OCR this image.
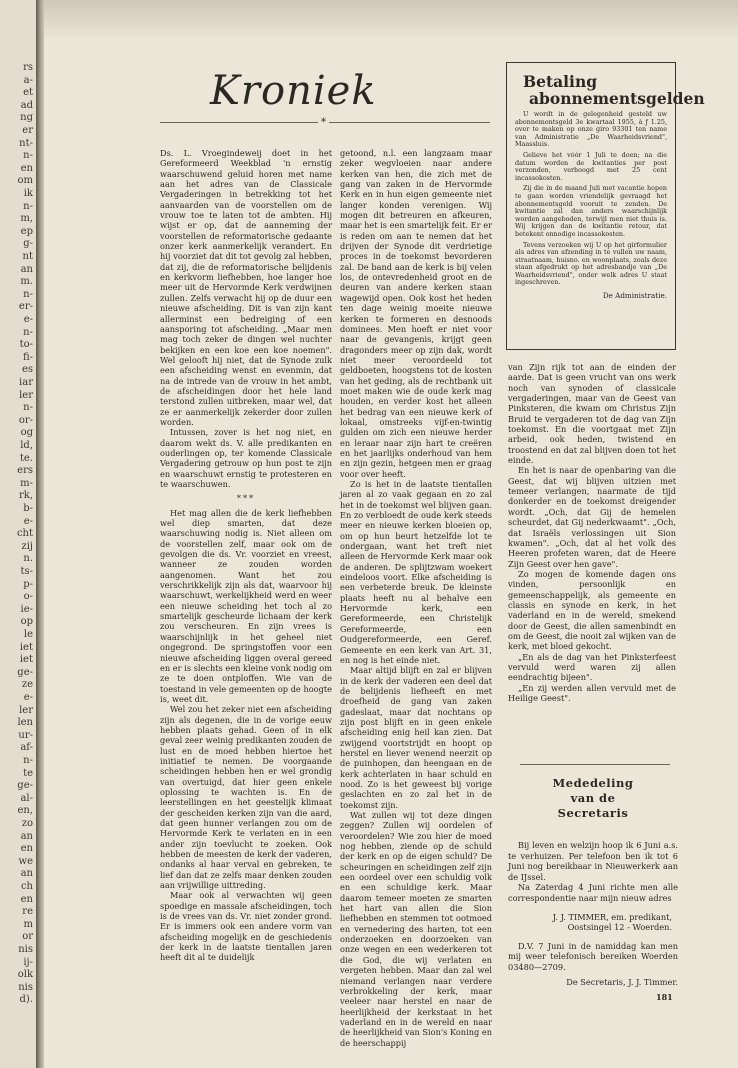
rs
a-
et
ad
ng
er
nt-
n-
en
om
ik
n-
m,
ep
g-
nt
an
m.
n-
er-
e-
n-
to-
fi-
es
iar
ler
n-
or-
og
ld,
te.
ers
m-
rk,
b-
e-
cht
zij
n.
ts-
p-
o-
ie-
op
le
iet
iet
ge-
ze
e-
ler
len
ur-
af-
n-
te
ge-
al-
en,
zo
an
en
we
an
ch
en
re
m
or
nis
ij-
olk
nis
d).
Kroniek
*

Ds. L. Vroegindeweij doet in het Gereformeerd Weekblad 'n ernstig waarschuwend geluid horen met name aan het adres van de Classicale Vergaderingen in betrekking tot het aanvaarden van de voorstellen om de vrouw toe te laten tot de ambten. Hij wijst er op, dat de aanneming der voorstellen de reformatorische gedaante onzer kerk aanmerkelijk verandert. En hij voorziet dat dit tot gevolg zal hebben, dat zij, die de reformatorische belijdenis en kerkvorm liefhebben, hoe langer hoe meer uit de Hervormde Kerk verdwijnen zullen. Zelfs verwacht hij op de duur een nieuwe afscheiding. Dit is van zijn kant allerminst een bedreiging of een aansporing tot afscheiding. „Maar men mag toch zeker de dingen wel nuchter bekijken en een koe een koe noemen". Wel gelooft hij niet, dat de Synode zulk een afscheiding wenst en evenmin, dat na de intrede van de vrouw in het ambt, de afscheidingen door het hele land terstond zullen uitbreken, maar wel, dat ze er aanmerkelijk zekerder door zullen worden.

Intussen, zover is het nog niet, en daarom wekt ds. V. alle predikanten en ouderlingen op, ter komende Classicale Vergadering getrouw op hun post te zijn en waarschuwt ernstig te protesteren en te waarschuwen.

***

Het mag allen die de kerk liefhebben wel diep smarten, dat deze waarschuwing nodig is. Niet alleen om de voorstellen zelf, maar ook om de gevolgen die ds. Vr. voorziet en vreest, wanneer ze zouden worden aangenomen. Want het zou verschrikkelijk zijn als dat, waarvoor hij waarschuwt, werkelijkheid werd en weer een nieuwe scheiding het toch al zo smartelijk gescheurde lichaam der kerk zou verscheuren. En zijn vrees is waarschijnlijk in het geheel niet ongegrond. De springstoffen voor een nieuwe afscheiding liggen overal gereed en er is slechts een kleine vonk nodig om ze te doen ontploffen. Wie van de toestand in vele gemeenten op de hoogte is, weet dit.

Wel zou het zeker niet een afscheiding zijn als degenen, die in de vorige eeuw hebben plaats gehad. Geen of in elk geval zeer weinig predikanten zouden de lust en de moed hebben hiertoe het initiatief te nemen. De voorgaande scheidingen hebben hen er wel grondig van overtuigd, dat hier geen enkele oplossing te wachten is. En de leerstellingen en het geestelijk klimaat der gescheiden kerken zijn van die aard, dat geen hunner verlangen zou om de Hervormde Kerk te verlaten en in een ander zijn toevlucht te zoeken. Ook hebben de meesten de kerk der vaderen, ondanks al haar verval en gebreken, te lief dan dat ze zelfs maar denken zouden aan vrijwillige uittreding.

Maar ook al verwachten wij geen spoedige en massale afscheidingen, toch is de vrees van ds. Vr. niet zonder grond. Er is immers ook een andere vorm van afscheiding mogelijk en de geschiedenis der kerk in de laatste tientallen jaren heeft dit al te duidelijk

getoond, n.l. een langzaam maar zeker wegvloeien naar andere kerken van hen, die zich met de gang van zaken in de Hervormde Kerk en in hun eigen gemeente niet langer konden verenigen. Wij mogen dit betreuren en afkeuren, maar het is een smartelijk feit. Er er is reden om aan te nemen dat het drijven der Synode dit verdrietige proces in de toekomst bevorderen zal. De band aan de kerk is bij velen los, de ontevredenheid groot en de deuren van andere kerken staan wagewijd open. Ook kost het heden ten dage weinig moeite nieuwe kerken te formeren en desnoods dominees. Men hoeft er niet voor naar de gevangenis, krijgt geen dragonders meer op zijn dak, wordt niet meer veroordeeld tot geldboeten, hoogstens tot de kosten van het geding, als de rechtbank uit moet maken wie de oude kerk mag houden, en verder kost het alleen het bedrag van een nieuwe kerk of lokaal, omstreeks vijf-en-twintig gulden om zich een nieuwe herder en leraar naar zijn hart te creëren en het jaarlijks onderhoud van hem en zijn gezin, hetgeen men er graag voor over heeft.

Zo is het in de laatste tientallen jaren al zo vaak gegaan en zo zal het in de toekomst wel blijven gaan. En zo verbloedt de oude kerk steeds meer en nieuwe kerken bloeien op, om op hun beurt hetzelfde lot te ondergaan, want het treft niet alleen de Hervormde Kerk maar ook de anderen. De splijtzwam woekert eindeloos voort. Elke afscheiding is een verbeterde breuk. De kleinste plaats heeft nu al behalve een Hervormde kerk, een Gereformeerde, een Christelijk Gereformeerde, een Oudgereformeerde, een Geref. Gemeente en een kerk van Art. 31, en nog is het einde niet.

Maar altijd blijft en zal er blijven in de kerk der vaderen een deel dat de belijdenis liefheeft en met droefheid de gang van zaken gadeslaat, maar dat nochtans op zijn post blijft en in geen enkele afscheiding enig heil kan zien. Dat zwijgend voortstrijdt en hoopt op herstel en liever wenend neerzit op de puinhopen, dan heengaan en de kerk achterlaten in haar schuld en nood. Zo is het geweest bij vorige geslachten en zo zal het in de toekomst zijn.

Wat zullen wij tot deze dingen zeggen? Zullen wij oordelen of veroordelen? Wie zou hier de moed nog hebben, ziende op de schuld der kerk en op de eigen schuld? De scheuringen en scheidingen zelf zijn een oordeel over een schuldig volk en een schuldige kerk. Maar daarom temeer moeten ze smarten het hart van allen die Sion liefhebben en stemmen tot ootmoed en vernedering des harten, tot een onderzoeken en doorzoeken van onze wegen en een wederkeren tot die God, die wij verlaten en vergeten hebben. Maar dan zal wel niemand verlangen naar verdere verbrokkeling der kerk, maar veeleer naar herstel en naar de heerlijkheid der kerkstaat in het vaderland en in de wereld en naar de heerlijkheid van Sion's Koning en de heerschappij

Betaling
abonnementsgelden

U wordt in de gelegenheid gesteld uw abonnementsgeld 3e kwartaal 1955, à ƒ 1.25, over te maken op onze giro 93301 ten name van Administratie „De Waarheidsvriend", Maassluis.

Gelieve het vóór 1 Juli te doen; na die datum worden de kwitanties per post verzonden, verhoogd met 25 cent incassokosten.

Zij die in de maand Juli met vacantie hopen te gaan worden vriendelijk gevraagd het abonnementsgeld vooruit te zenden. De kwitantie zal dan anders waarschijnlijk worden aangeboden, terwijl men niet thuis is. Wij krijgen dan de kwitantie retour, dat betekent onnodige incassokosten.

Tevens verzoeken wij U op het girformulier als adres van afzending in te vullen uw naam, straatnaam, huisno. en woonplaats, zoals deze staan afgedrukt op het adresbandje van „De Waarheidsvriend", onder welk adres U staat ingeschreven.

De Administratie.

van Zijn rijk tot aan de einden der aarde. Dat is geen vrucht van ons werk noch van synoden of classicale vergaderingen, maar van de Geest van Pinksteren, die kwam om Christus Zijn Bruid te vergaderen tot de dag van Zijn toekomst. En die voortgaat met Zijn arbeid, ook heden, twistend en troostend en dat zal blijven doen tot het einde.

En het is naar de openbaring van die Geest, dat wij blijven uitzien met temeer verlangen, naarmate de tijd donkerder en de toekomst dreigender wordt. „Och, dat Gij de hemelen scheurdet, dat Gij nederkwaamt". „Och, dat Israëls verlossingen uit Sion kwamen". „Och, dat al het volk des Heeren profeten waren, dat de Heere Zijn Geest over hen gave".

Zo mogen de komende dagen ons vinden, persoonlijk en gemeenschappelijk, als gemeente en classis en synode en kerk, in het vaderland en in de wereld, smekend door de Geest, die allen samenbindt en om de Geest, die nooit zal wijken van de kerk, met bloed gekocht.

„En als de dag van het Pinksterfeest vervuld werd waren zij allen eendrachtig bijeen".

„En zij werden allen vervuld met de Heilige Geest".

Mededeling
van de
Secretaris

Bij leven en welzijn hoop ik 6 Juni a.s. te verhuizen. Per telefoon ben ik tot 6 Juni nog bereikbaar in Nieuwerkerk aan de IJssel.

Na Zaterdag 4 Juni richte men alle correspondentie naar mijn nieuw adres

J. J. TIMMER, em. predikant,

Oostsingel 12 - Woerden.

D.V. 7 Juni in de namiddag kan men mij weer telefonisch bereiken Woerden 03480—2709.

De Secretaris, J. J. Timmer.

181
